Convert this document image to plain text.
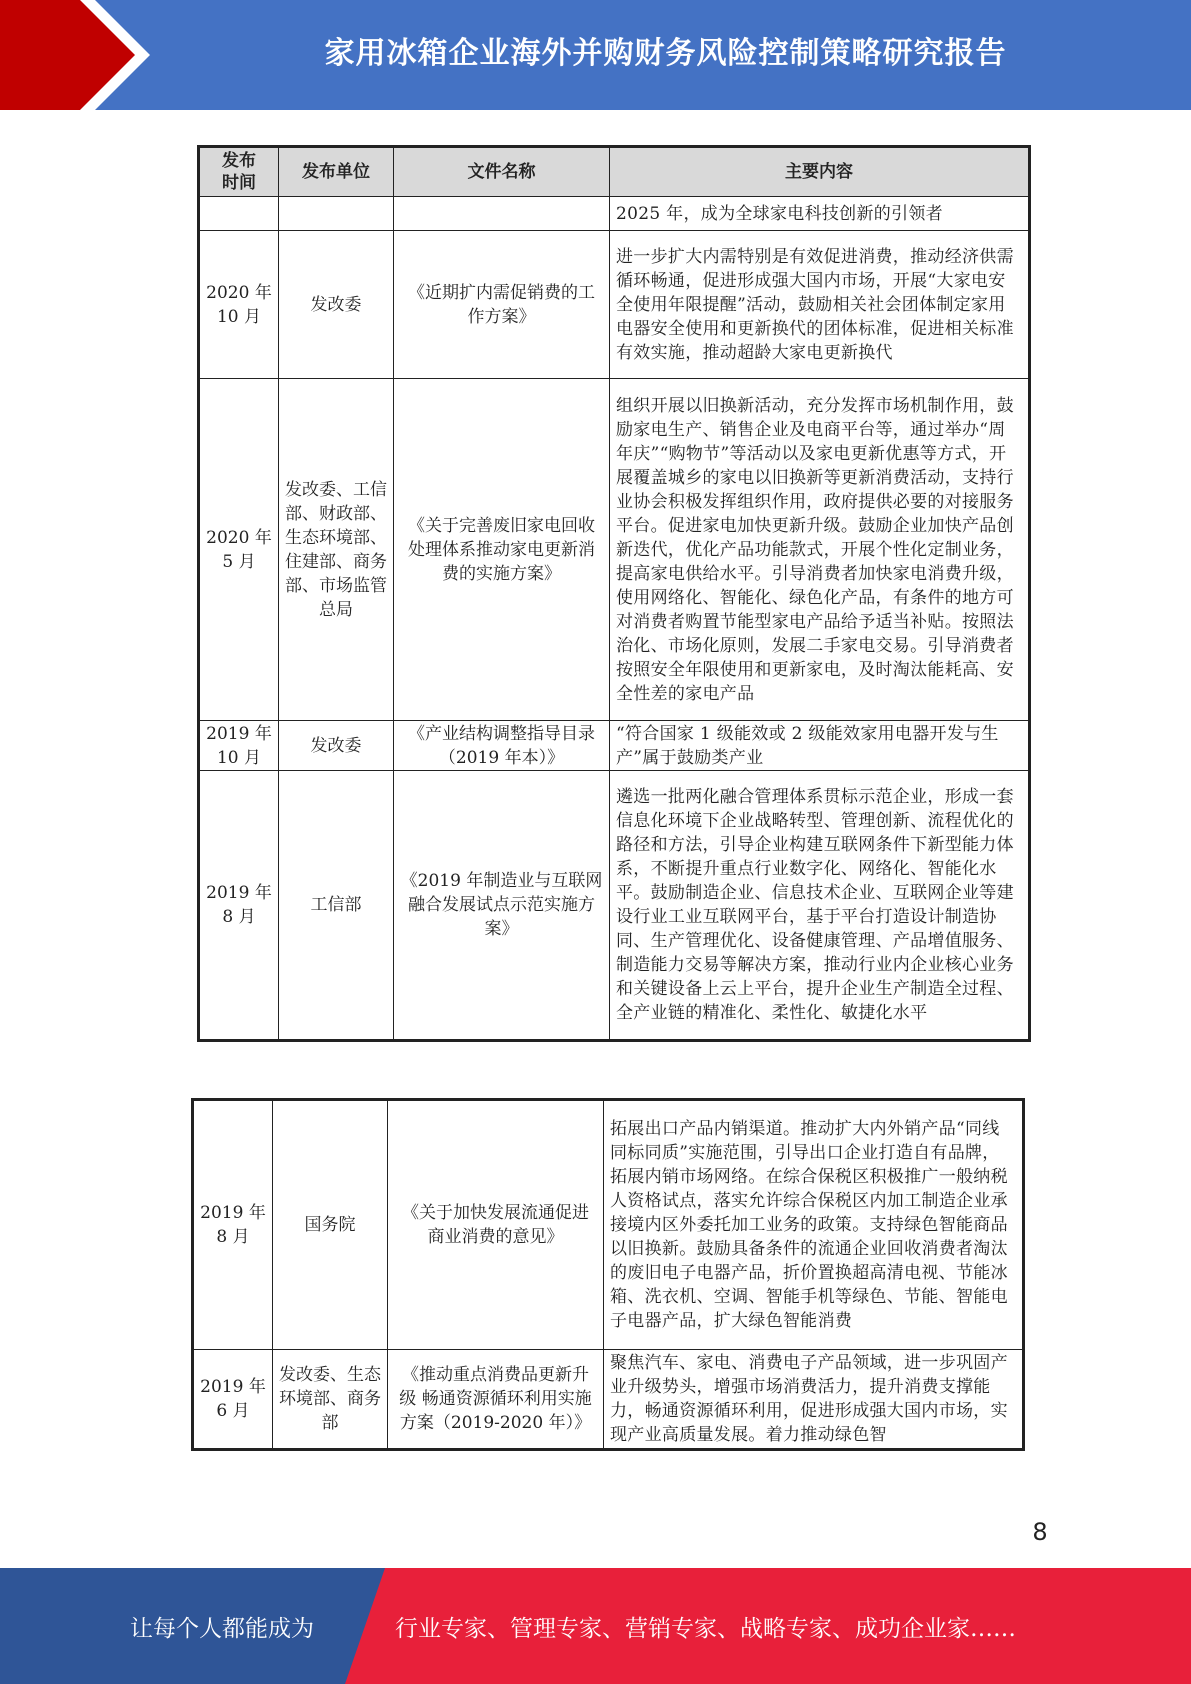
家用冰箱企业海外并购财务风险控制策略研究报告
发布时间	发布单位	文件名称	主要内容
			2025 年，成为全球家电科技创新的引领者
2020 年 10 月	发改委	《近期扩内需促销费的工作方案》	进一步扩大内需特别是有效促进消费，推动经济供需循环畅通，促进形成强大国内市场，开展“大家电安全使用年限提醒”活动，鼓励相关社会团体制定家用电器安全使用和更新换代的团体标准，促进相关标准有效实施，推动超龄大家电更新换代
2020 年 5 月	发改委、工信部、财政部、生态环境部、住建部、商务部、市场监管总局	《关于完善废旧家电回收处理体系推动家电更新消费的实施方案》	组织开展以旧换新活动，充分发挥市场机制作用，鼓励家电生产、销售企业及电商平台等，通过举办“周年庆”“购物节”等活动以及家电更新优惠等方式，开展覆盖城乡的家电以旧换新等更新消费活动，支持行业协会积极发挥组织作用，政府提供必要的对接服务平台。促进家电加快更新升级。鼓励企业加快产品创新迭代，优化产品功能款式，开展个性化定制业务，提高家电供给水平。引导消费者加快家电消费升级，使用网络化、智能化、绿色化产品，有条件的地方可对消费者购置节能型家电产品给予适当补贴。按照法治化、市场化原则，发展二手家电交易。引导消费者按照安全年限使用和更新家电，及时淘汰能耗高、安全性差的家电产品
2019 年 10 月	发改委	《产业结构调整指导目录（2019 年本）》	“符合国家 1 级能效或 2 级能效家用电器开发与生产”属于鼓励类产业
2019 年 8 月	工信部	《2019 年制造业与互联网融合发展试点示范实施方案》	遴选一批两化融合管理体系贯标示范企业，形成一套信息化环境下企业战略转型、管理创新、流程优化的路径和方法，引导企业构建互联网条件下新型能力体系，不断提升重点行业数字化、网络化、智能化水平。鼓励制造企业、信息技术企业、互联网企业等建设行业工业互联网平台，基于平台打造设计制造协同、生产管理优化、设备健康管理、产品增值服务、制造能力交易等解决方案，推动行业内企业核心业务和关键设备上云上平台，提升企业生产制造全过程、全产业链的精准化、柔性化、敏捷化水平
2019 年 8 月	国务院	《关于加快发展流通促进商业消费的意见》	拓展出口产品内销渠道。推动扩大内外销产品“同线同标同质”实施范围，引导出口企业打造自有品牌，拓展内销市场网络。在综合保税区积极推广一般纳税人资格试点，落实允许综合保税区内加工制造企业承接境内区外委托加工业务的政策。支持绿色智能商品以旧换新。鼓励具备条件的流通企业回收消费者淘汰的废旧电子电器产品，折价置换超高清电视、节能冰箱、洗衣机、空调、智能手机等绿色、节能、智能电子电器产品，扩大绿色智能消费
2019 年 6 月	发改委、生态环境部、商务部	《推动重点消费品更新升级 畅通资源循环利用实施方案（2019-2020 年）》	聚焦汽车、家电、消费电子产品领域，进一步巩固产业升级势头，增强市场消费活力，提升消费支撑能力，畅通资源循环利用，促进形成强大国内市场，实现产业高质量发展。着力推动绿色智
8
让每个人都能成为	行业专家、管理专家、营销专家、战略专家、成功企业家……
